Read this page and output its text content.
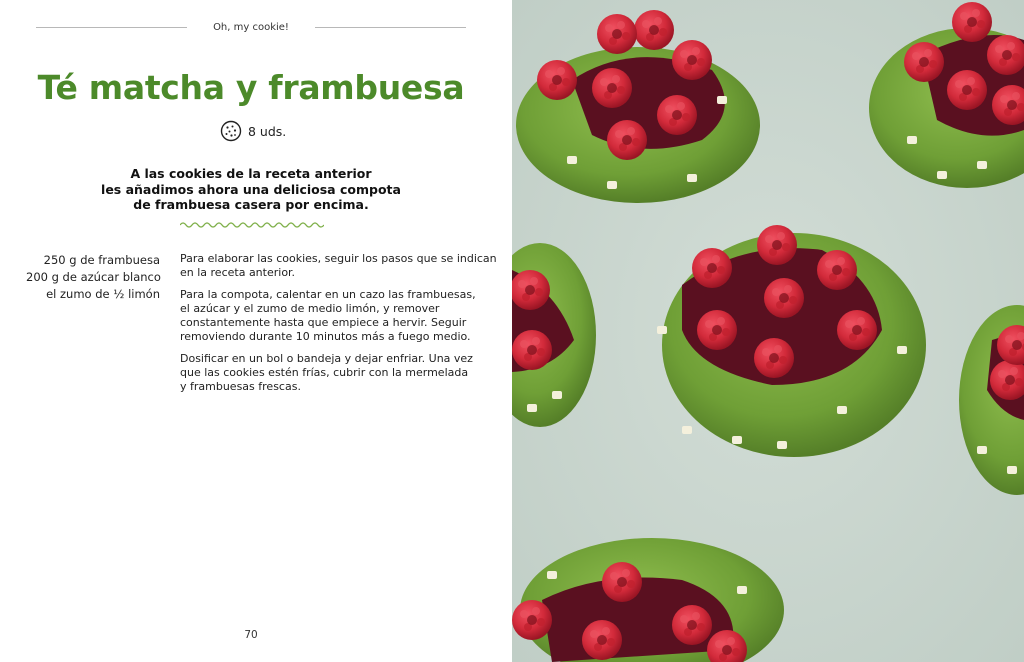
Oh, my cookie!
Té matcha y frambuesa
8 uds.
A las cookies de la receta anterior
les añadimos ahora una deliciosa compota
de frambuesa casera por encima.
250 g de frambuesa
200 g de azúcar blanco
el zumo de ½ limón

Para elaborar las cookies, seguir los pasos que se indican
en la receta anterior.

Para la compota, calentar en un cazo las frambuesas,
el azúcar y el zumo de medio limón, y remover
constantemente hasta que empiece a hervir. Seguir
removiendo durante 10 minutos más a fuego medio.

Dosificar en un bol o bandeja y dejar enfriar. Una vez
que las cookies estén frías, cubrir con la mermelada
y frambuesas frescas.

70
